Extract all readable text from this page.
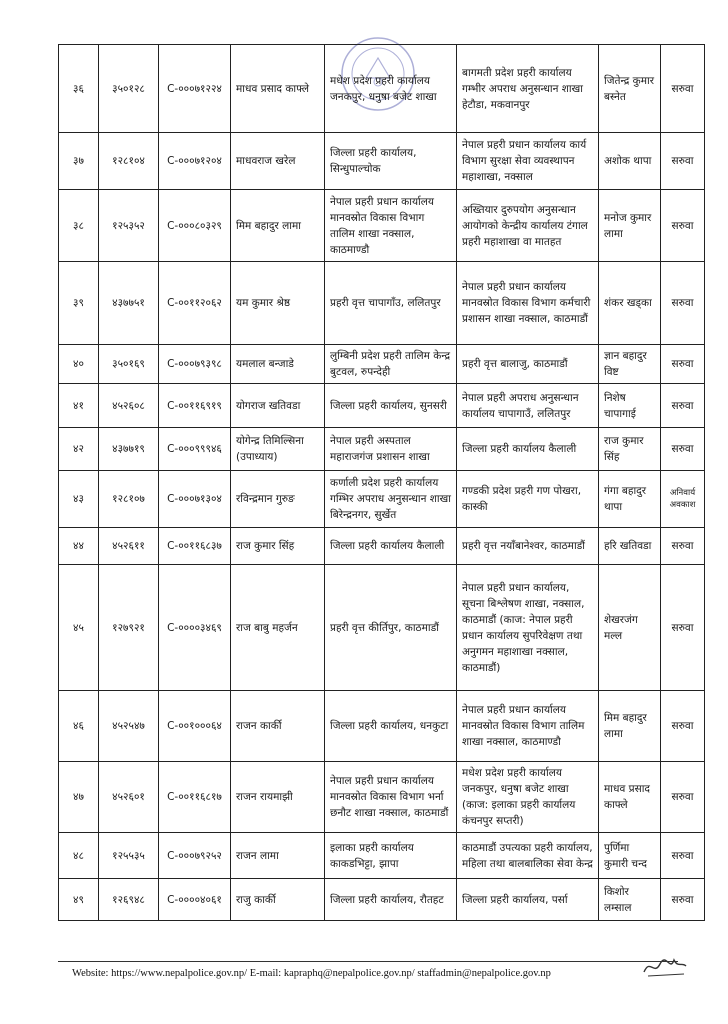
३६	३५०१२८	C-०००७१२२४	माधव प्रसाद काफ्ले	मधेश प्रदेश प्रहरी कार्यालय जनकपुर, धनुषा बजेट शाखा	बागमती प्रदेश प्रहरी कार्यालय गम्भीर अपराध अनुसन्धान शाखा हेटौडा, मकवानपुर	जितेन्द्र कुमार बस्नेत	सरुवा
३७	१२८१०४	C-०००७१२०४	माधवराज खरेल	जिल्ला प्रहरी कार्यालय, सिन्धुपाल्चोक	नेपाल प्रहरी प्रधान कार्यालय कार्य विभाग सुरक्षा सेवा व्यवस्थापन महाशाखा, नक्साल	अशोक थापा	सरुवा
३८	१२५३५२	C-०००८०३२९	मिम बहादुर लामा	नेपाल प्रहरी प्रधान कार्यालय मानवस्रोत विकास विभाग तालिम शाखा नक्साल, काठमाण्डौ	अख्तियार दुरुपयोग अनुसन्धान आयोगको केन्द्रीय कार्यालय टंगाल प्रहरी महाशाखा वा मातहत	मनोज कुमार लामा	सरुवा
३९	४३७७५१	C-००११२०६२	यम कुमार श्रेष्ठ	प्रहरी वृत्त चापागाँउ, ललितपुर	नेपाल प्रहरी प्रधान कार्यालय मानवस्रोत विकास विभाग कर्मचारी प्रशासन शाखा नक्साल, काठमाडौं	शंकर खड्का	सरुवा
४०	३५०१६९	C-०००७९३९८	यमलाल बन्जाडे	लुम्बिनी प्रदेश प्रहरी तालिम केन्द्र बुटवल, रुपन्देही	प्रहरी वृत्त बालाजु, काठमाडौं	ज्ञान बहादुर विष्ट	सरुवा
४१	४५२६०८	C-००११६९१९	योगराज खतिवडा	जिल्ला प्रहरी कार्यालय, सुनसरी	नेपाल प्रहरी अपराध अनुसन्धान कार्यालय चापागाउँ, ललितपुर	निशेष चापागाई	सरुवा
४२	४३७७१९	C-०००९९९४६	योगेन्द्र तिमिल्सिना (उपाध्याय)	नेपाल प्रहरी अस्पताल महाराजगंज प्रशासन शाखा	जिल्ला प्रहरी कार्यालय कैलाली	राज कुमार सिंह	सरुवा
४३	१२८१०७	C-०००७१३०४	रविन्द्रमान गुरुङ	कर्णाली प्रदेश प्रहरी कार्यालय गम्भिर अपराध अनुसन्धान शाखा बिरेन्द्रनगर, सुर्खेत	गण्डकी प्रदेश प्रहरी गण पोखरा, कास्की	गंगा बहादुर थापा	अनिवार्य अवकाश
४४	४५२६११	C-००११६८३७	राज कुमार सिंह	जिल्ला प्रहरी कार्यालय कैलाली	प्रहरी वृत्त नयाँबानेश्वर, काठमाडौं	हरि खतिवडा	सरुवा
४५	१२७९२१	C-००००३४६९	राज बाबु महर्जन	प्रहरी वृत्त कीर्तिपुर, काठमाडौं	नेपाल प्रहरी प्रधान कार्यालय, सूचना बिश्लेषण शाखा, नक्साल, काठमाडौं (काज: नेपाल प्रहरी प्रधान कार्यालय सुपरिवेक्षण तथा अनुगमन महाशाखा नक्साल, काठमाडौं)	शेखरजंग मल्ल	सरुवा
४६	४५२५४७	C-००१०००६४	राजन कार्की	जिल्ला प्रहरी कार्यालय, धनकुटा	नेपाल प्रहरी प्रधान कार्यालय मानवस्रोत विकास विभाग तालिम शाखा नक्साल, काठमाण्डौ	मिम बहादुर लामा	सरुवा
४७	४५२६०१	C-००११६८१७	राजन रायमाझी	नेपाल प्रहरी प्रधान कार्यालय मानवस्रोत विकास विभाग भर्ना छनौट शाखा नक्साल, काठमाडौं	मधेश प्रदेश प्रहरी कार्यालय जनकपुर, धनुषा बजेट शाखा (काज: इलाका प्रहरी कार्यालय कंचनपुर सप्तरी)	माधव प्रसाद काफ्ले	सरुवा
४८	१२५५३५	C-०००७९२५२	राजन लामा	इलाका प्रहरी कार्यालय काकडभिट्टा, झापा	काठमाडौं उपत्यका प्रहरी कार्यालय, महिला तथा बालबालिका सेवा केन्द्र	पुर्णिमा कुमारी चन्द	सरुवा
४९	१२६९४८	C-००००४०६१	राजु कार्की	जिल्ला प्रहरी कार्यालय, रौतहट	जिल्ला प्रहरी कार्यालय, पर्सा	किशोर लम्साल	सरुवा
Website: https://www.nepalpolice.gov.np/ E-mail: kapraphq@nepalpolice.gov.np/ staffadmin@nepalpolice.gov.np
